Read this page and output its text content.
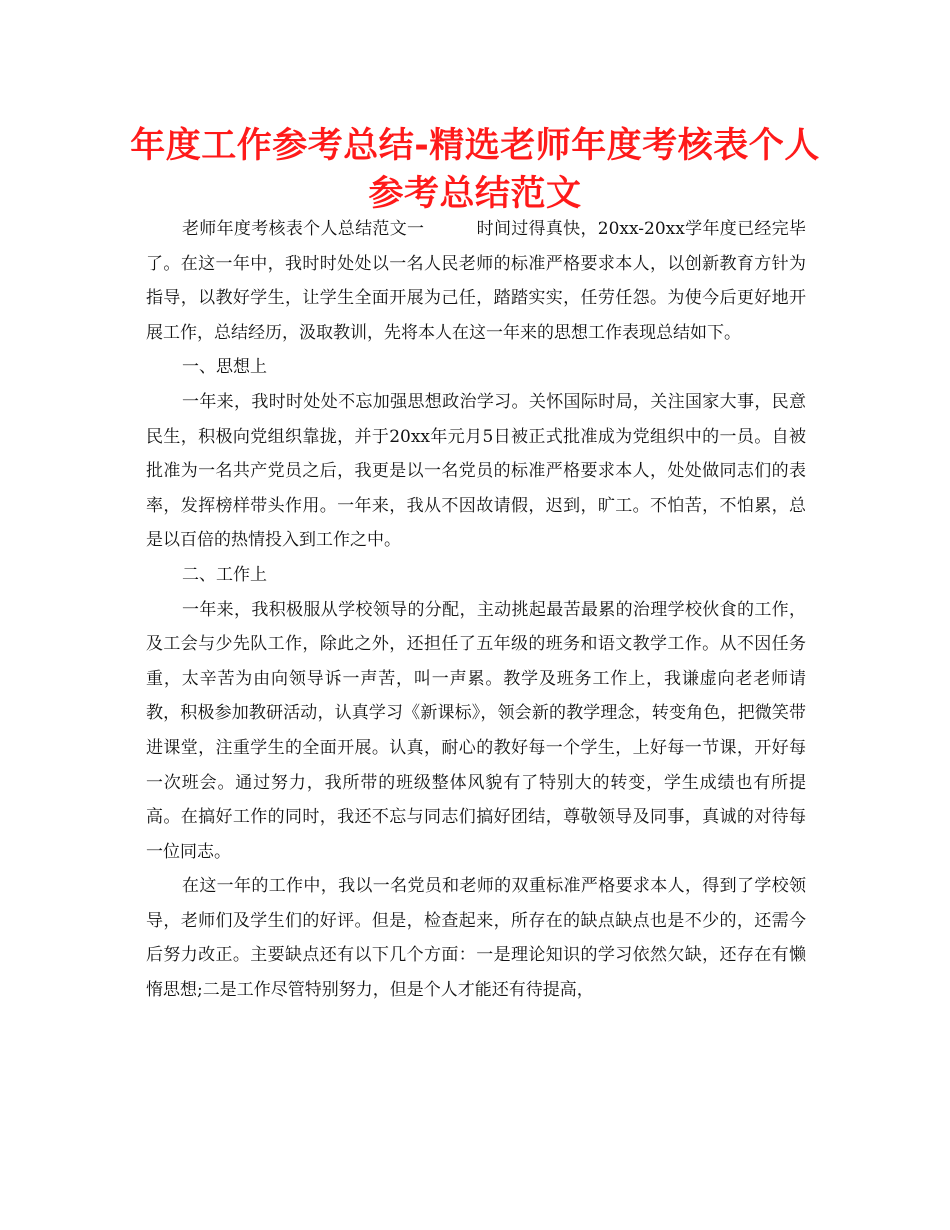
年度工作参考总结-精选老师年度考核表个人参考总结范文

老师年度考核表个人总结范文一	时间过得真快，20xx-20xx学年度已经完毕了。在这一年中，我时时处处以一名人民老师的标准严格要求本人，以创新教育方针为指导，以教好学生，让学生全面开展为己任，踏踏实实，任劳任怨。为使今后更好地开展工作，总结经历，汲取教训，先将本人在这一年来的思想工作表现总结如下。

一、思想上

一年来，我时时处处不忘加强思想政治学习。关怀国际时局，关注国家大事，民意民生，积极向党组织靠拢，并于20xx年元月5日被正式批准成为党组织中的一员。自被批准为一名共产党员之后，我更是以一名党员的标准严格要求本人，处处做同志们的表率，发挥榜样带头作用。一年来，我从不因故请假，迟到，旷工。不怕苦，不怕累，总是以百倍的热情投入到工作之中。

二、工作上

一年来，我积极服从学校领导的分配，主动挑起最苦最累的治理学校伙食的工作，及工会与少先队工作，除此之外，还担任了五年级的班务和语文教学工作。从不因任务重，太辛苦为由向领导诉一声苦，叫一声累。教学及班务工作上，我谦虚向老老师请教，积极参加教研活动，认真学习《新课标》，领会新的教学理念，转变角色，把微笑带进课堂，注重学生的全面开展。认真，耐心的教好每一个学生，上好每一节课，开好每一次班会。通过努力，我所带的班级整体风貌有了特别大的转变，学生成绩也有所提高。在搞好工作的同时，我还不忘与同志们搞好团结，尊敬领导及同事，真诚的对待每一位同志。

在这一年的工作中，我以一名党员和老师的双重标准严格要求本人，得到了学校领导，老师们及学生们的好评。但是，检查起来，所存在的缺点缺点也是不少的，还需今后努力改正。主要缺点还有以下几个方面：一是理论知识的学习依然欠缺，还存在有懒惰思想;二是工作尽管特别努力，但是个人才能还有待提高，
